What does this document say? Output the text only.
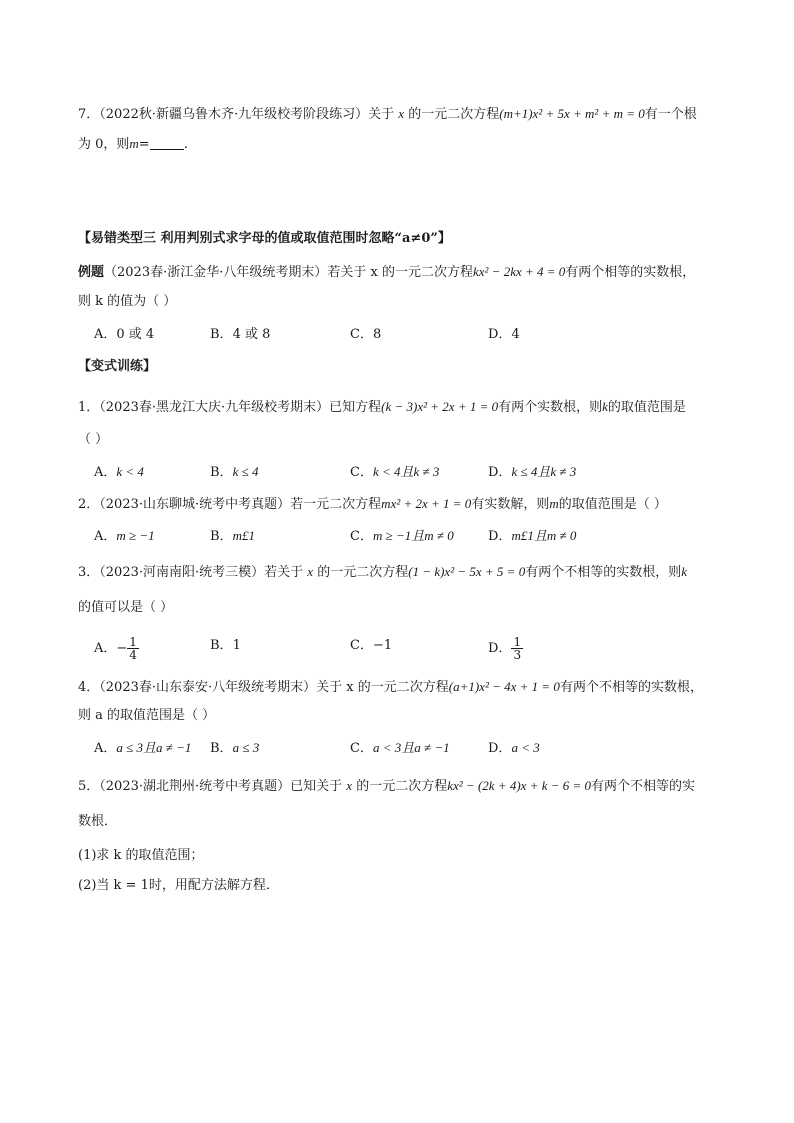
7．（2022秋·新疆乌鲁木齐·九年级校考阶段练习）关于 x 的一元二次方程(m+1)x² + 5x + m² + m = 0有一个根
为 0，则m=	.
【易错类型三 利用判别式求字母的值或取值范围时忽略“a≠0”】
例题（2023春·浙江金华·八年级统考期末）若关于 x 的一元二次方程kx² − 2kx + 4 = 0有两个相等的实数根，
则 k 的值为（ ）
A．0 或 4	B．4 或 8	C．8	D．4
【变式训练】
1．（2023春·黑龙江大庆·九年级校考期末）已知方程(k − 3)x² + 2x + 1 = 0有两个实数根，则k的取值范围是
（ ）
A．k < 4	B．k ≤ 4	C．k < 4且k ≠ 3	D．k ≤ 4且k ≠ 3
2．（2023·山东聊城·统考中考真题）若一元二次方程mx² + 2x + 1 = 0有实数解，则m的取值范围是（ ）
A．m ≥ −1	B．m£1	C．m ≥ −1且m ≠ 0	D．m£1且m ≠ 0
3．（2023·河南南阳·统考三模）若关于 x 的一元二次方程(1 − k)x² − 5x + 5 = 0有两个不相等的实数根，则k
的值可以是（ ）
A．− $\frac{1}{4}$	B．1	C．−1	D． $\frac{1}{3}$
4．（2023春·山东泰安·八年级统考期末）关于 x 的一元二次方程(a+1)x² − 4x + 1 = 0有两个不相等的实数根，
则 a 的取值范围是（ ）
A．a ≤ 3且a ≠ −1 B．a ≤ 3	C．a < 3且a ≠ −1	D．a < 3
5．（2023·湖北荆州·统考中考真题）已知关于 x 的一元二次方程kx² − (2k + 4)x + k − 6 = 0有两个不相等的实
数根．
(1)求 k 的取值范围；
(2)当 k = 1时，用配方法解方程．
